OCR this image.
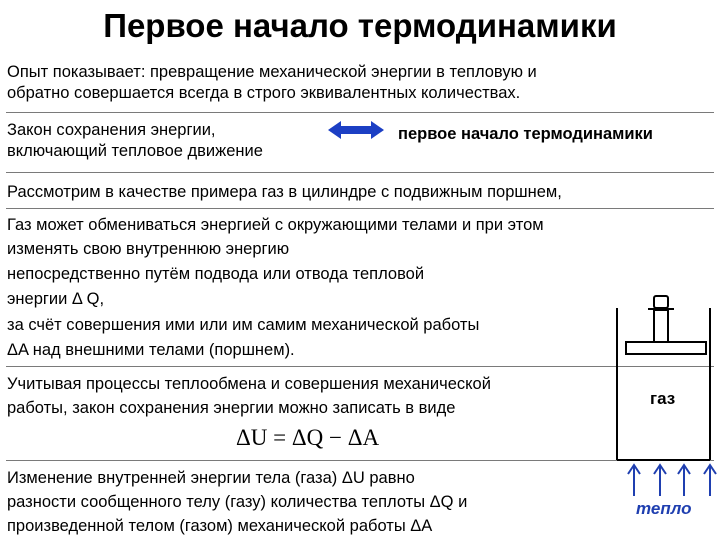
Первое начало термодинамики
Опыт показывает: превращение механической энергии в тепловую и
обратно совершается всегда в строго эквивалентных количествах.
Закон сохранения энергии,
включающий тепловое движение
первое начало термодинамики
Рассмотрим в качестве примера газ в цилиндре с подвижным поршнем,
Газ может обмениваться энергией с окружающими телами и при этом
изменять свою внутреннюю энергию
непосредственно путём подвода или отвода тепловой
энергии Δ Q,
за счёт совершения ими или им самим механической работы
ΔA над внешними телами (поршнем).
Учитывая процессы теплообмена и совершения механической
работы, закон сохранения энергии можно записать в виде
ΔU = ΔQ − ΔA
Изменение внутренней энергии тела (газа) ΔU равно
разности сообщенного телу (газу) количества теплоты ΔQ и
произведенной телом (газом) механической работы ΔA
газ
тепло
